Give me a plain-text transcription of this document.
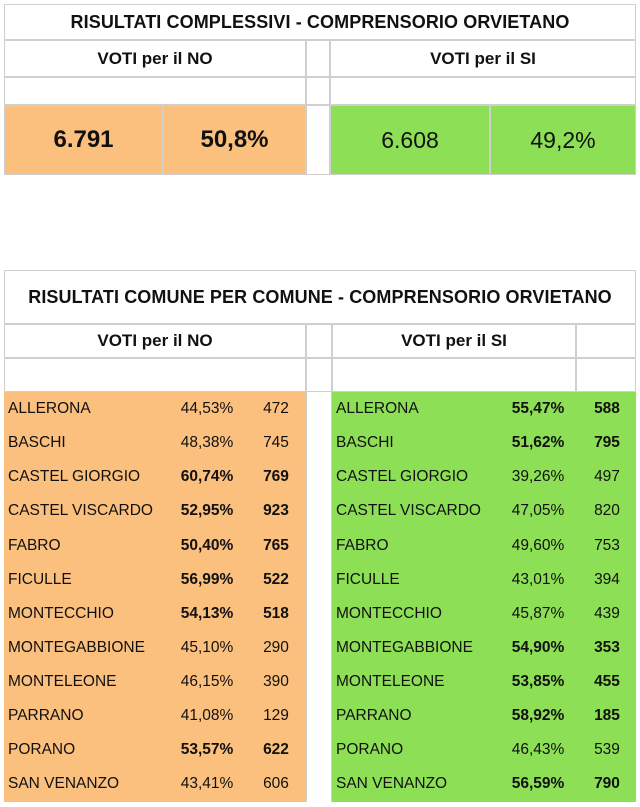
RISULTATI COMPLESSIVI - COMPRENSORIO ORVIETANO
VOTI per il NO	VOTI per il SI
6.791	50,8%	6.608	49,2%
RISULTATI COMUNE PER COMUNE - COMPRENSORIO ORVIETANO
VOTI per il NO	VOTI per il SI
ALLERONA	44,53%	472	ALLERONA	55,47%	588
BASCHI	48,38%	745	BASCHI	51,62%	795
CASTEL GIORGIO	60,74%	769	CASTEL GIORGIO	39,26%	497
CASTEL VISCARDO	52,95%	923	CASTEL VISCARDO	47,05%	820
FABRO	50,40%	765	FABRO	49,60%	753
FICULLE	56,99%	522	FICULLE	43,01%	394
MONTECCHIO	54,13%	518	MONTECCHIO	45,87%	439
MONTEGABBIONE	45,10%	290	MONTEGABBIONE	54,90%	353
MONTELEONE	46,15%	390	MONTELEONE	53,85%	455
PARRANO	41,08%	129	PARRANO	58,92%	185
PORANO	53,57%	622	PORANO	46,43%	539
SAN VENANZO	43,41%	606	SAN VENANZO	56,59%	790
